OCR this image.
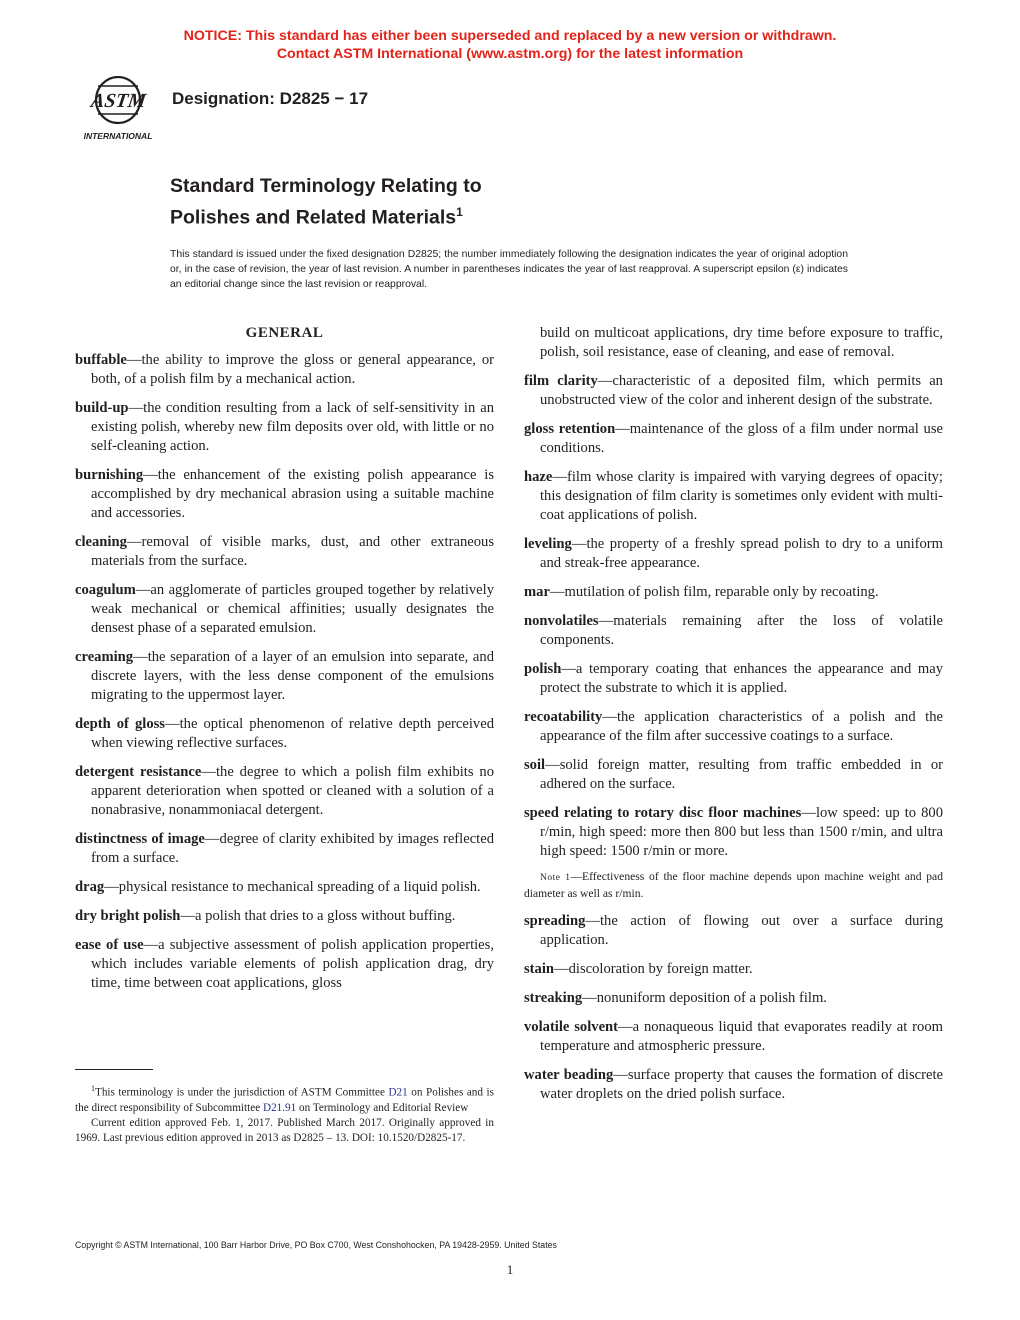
NOTICE: This standard has either been superseded and replaced by a new version or withdrawn.
Contact ASTM International (www.astm.org) for the latest information
ASTM
INTERNATIONAL
Designation: D2825 − 17
Standard Terminology Relating to
Polishes and Related Materials$^1$
This standard is issued under the fixed designation D2825; the number immediately following the designation indicates the year of original adoption or, in the case of revision, the year of last revision. A number in parentheses indicates the year of last reapproval. A superscript epsilon (ε) indicates an editorial change since the last revision or reapproval.
GENERAL

buffable—the ability to improve the gloss or general appearance, or both, of a polish film by a mechanical action.

build-up—the condition resulting from a lack of self-sensitivity in an existing polish, whereby new film deposits over old, with little or no self-cleaning action.

burnishing—the enhancement of the existing polish appearance is accomplished by dry mechanical abrasion using a suitable machine and accessories.

cleaning—removal of visible marks, dust, and other extraneous materials from the surface.

coagulum—an agglomerate of particles grouped together by relatively weak mechanical or chemical affinities; usually designates the densest phase of a separated emulsion.

creaming—the separation of a layer of an emulsion into separate, and discrete layers, with the less dense component of the emulsions migrating to the uppermost layer.

depth of gloss—the optical phenomenon of relative depth perceived when viewing reflective surfaces.

detergent resistance—the degree to which a polish film exhibits no apparent deterioration when spotted or cleaned with a solution of a nonabrasive, nonammoniacal detergent.

distinctness of image—degree of clarity exhibited by images reflected from a surface.

drag—physical resistance to mechanical spreading of a liquid polish.

dry bright polish—a polish that dries to a gloss without buffing.

ease of use—a subjective assessment of polish application properties, which includes variable elements of polish application drag, dry time, time between coat applications, gloss

build on multicoat applications, dry time before exposure to traffic, polish, soil resistance, ease of cleaning, and ease of removal.

film clarity—characteristic of a deposited film, which permits an unobstructed view of the color and inherent design of the substrate.

gloss retention—maintenance of the gloss of a film under normal use conditions.

haze—film whose clarity is impaired with varying degrees of opacity; this designation of film clarity is sometimes only evident with multi-coat applications of polish.

leveling—the property of a freshly spread polish to dry to a uniform and streak-free appearance.

mar—mutilation of polish film, reparable only by recoating.

nonvolatiles—materials remaining after the loss of volatile components.

polish—a temporary coating that enhances the appearance and may protect the substrate to which it is applied.

recoatability—the application characteristics of a polish and the appearance of the film after successive coatings to a surface.

soil—solid foreign matter, resulting from traffic embedded in or adhered on the surface.

speed relating to rotary disc floor machines—low speed: up to 800 r/min, high speed: more then 800 but less than 1500 r/min, and ultra high speed: 1500 r/min or more.

Note 1—Effectiveness of the floor machine depends upon machine weight and pad diameter as well as r/min.

spreading—the action of flowing out over a surface during application.

stain—discoloration by foreign matter.

streaking—nonuniform deposition of a polish film.

volatile solvent—a nonaqueous liquid that evaporates readily at room temperature and atmospheric pressure.

water beading—surface property that causes the formation of discrete water droplets on the dried polish surface.

$^1$This terminology is under the jurisdiction of ASTM Committee D21 on Polishes and is the direct responsibility of Subcommittee D21.91 on Terminology and Editorial Review

Current edition approved Feb. 1, 2017. Published March 2017. Originally approved in 1969. Last previous edition approved in 2013 as D2825 – 13. DOI: 10.1520/D2825-17.

Copyright © ASTM International, 100 Barr Harbor Drive, PO Box C700, West Conshohocken, PA 19428-2959. United States
1
